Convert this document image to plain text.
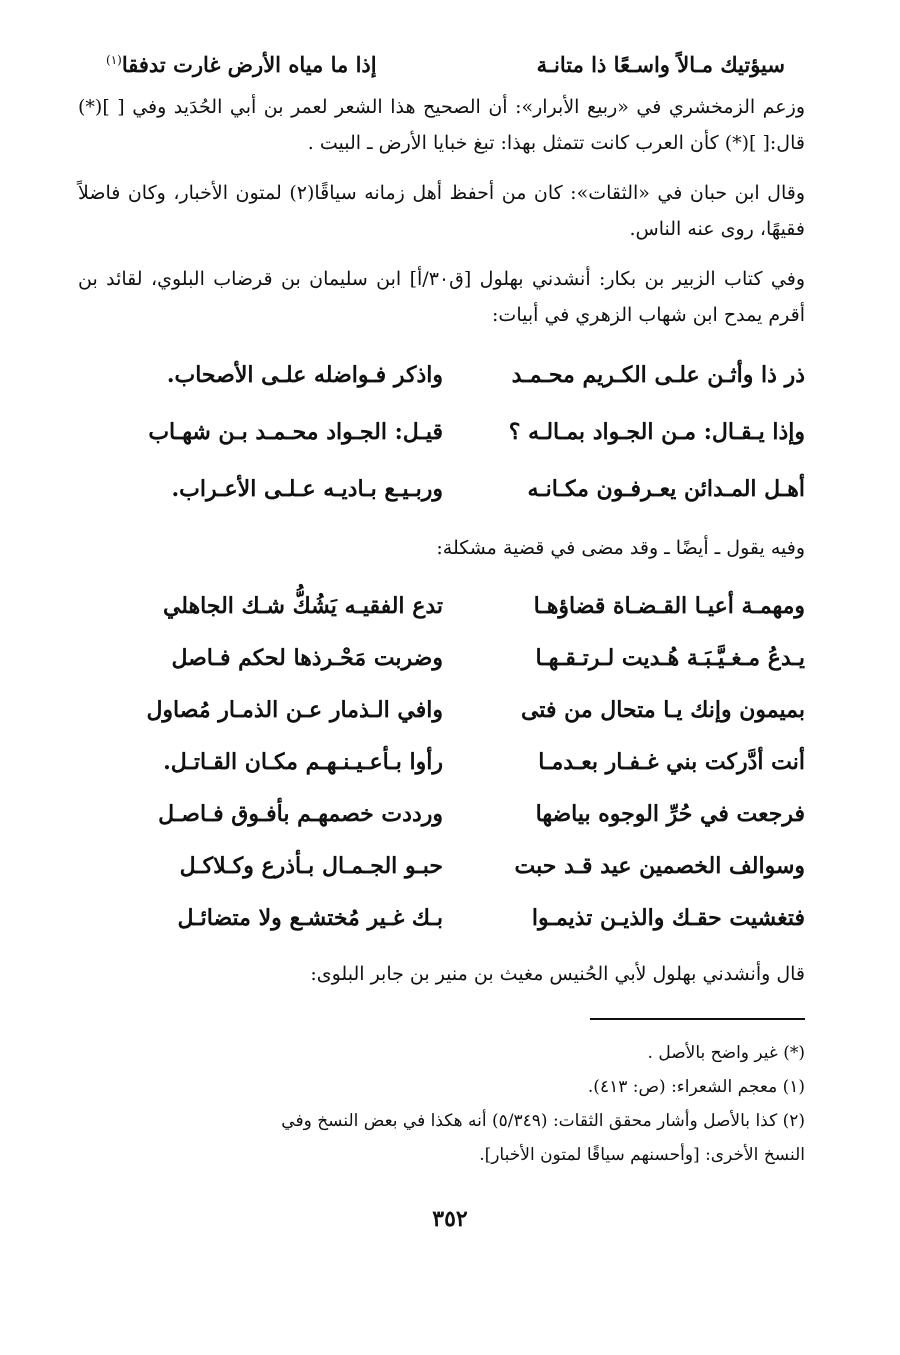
سيؤتيك مـالاً واسـعًا ذا متانـة
إذا ما مياه الأرض غارت تدفقا$^{(١)}$

وزعم الزمخشري في «ربيع الأبرار»: أن الصحيح هذا الشعر لعمر بن أبي الحُدَيد وفي [ ](*) قال:[ ](*) كأن العرب كانت تتمثل بهذا: تبغ خبايا الأرض ـ البيت .

وقال ابن حبان في «الثقات»: كان من أحفظ أهل زمانه سياقًا(٢) لمتون الأخبار، وكان فاضلاً فقيهًا، روى عنه الناس.

وفي كتاب الزبير بن بكار: أنشدني بهلول [ق٣٠/أ] ابن سليمان بن قرضاب البلوي، لقائد بن أقرم يمدح ابن شهاب الزهري في أبيات:

ذر ذا وأثـن علـى الكـريم محـمـد
واذكر فـواضله علـى الأصحاب.
وإذا يـقـال: مـن الجـواد بمـالـه ؟
قيـل: الجـواد محـمـد بـن شهـاب
أهـل المـدائن يعـرفـون مكـانـه
وربـيـع بـاديـه عـلـى الأعـراب.

وفيه يقول ـ أيضًا ـ وقد مضى في قضية مشكلة:

ومهمـة أعيـا القـضـاة قضاؤهـا
تدع الفقيـه يَشُكُّ شـك الجاهلي
يـدعُ مـغـيَّـبَـة هُـديت لـرتـقـهـا
وضربت مَحْـرذها لحكم فـاصل
بميمون وإنك يـا متحال من فتى
وافي الـذمار عـن الذمـار مُصاول
أنت أدَّركت بني غـفـار بعـدمـا
رأوا بـأعـيـنـهـم مكـان القـاتـل.
فرجعت في حُرِّ الوجوه بياضها
ورددت خصمهـم بأفـوق فـاصـل
وسوالف الخصمين عيد قـد حبت
حبـو الجـمـال بـأذرع وكـلاكـل
فتغشيت حقـك والذيـن تذيمـوا
بـك غـير مُختشـع ولا متضائـل

قال وأنشدني بهلول لأبي الحُنيس مغيث بن منير بن جابر البلوى:

(*) غير واضح بالأصل .

(١) معجم الشعراء: (ص: ٤١٣).

(٢) كذا بالأصل وأشار محقق الثقات: (٥/٣٤٩) أنه هكذا في بعض النسخ وفي

النسخ الأخرى: [وأحسنهم سياقًا لمتون الأخبار].

٣٥٢
